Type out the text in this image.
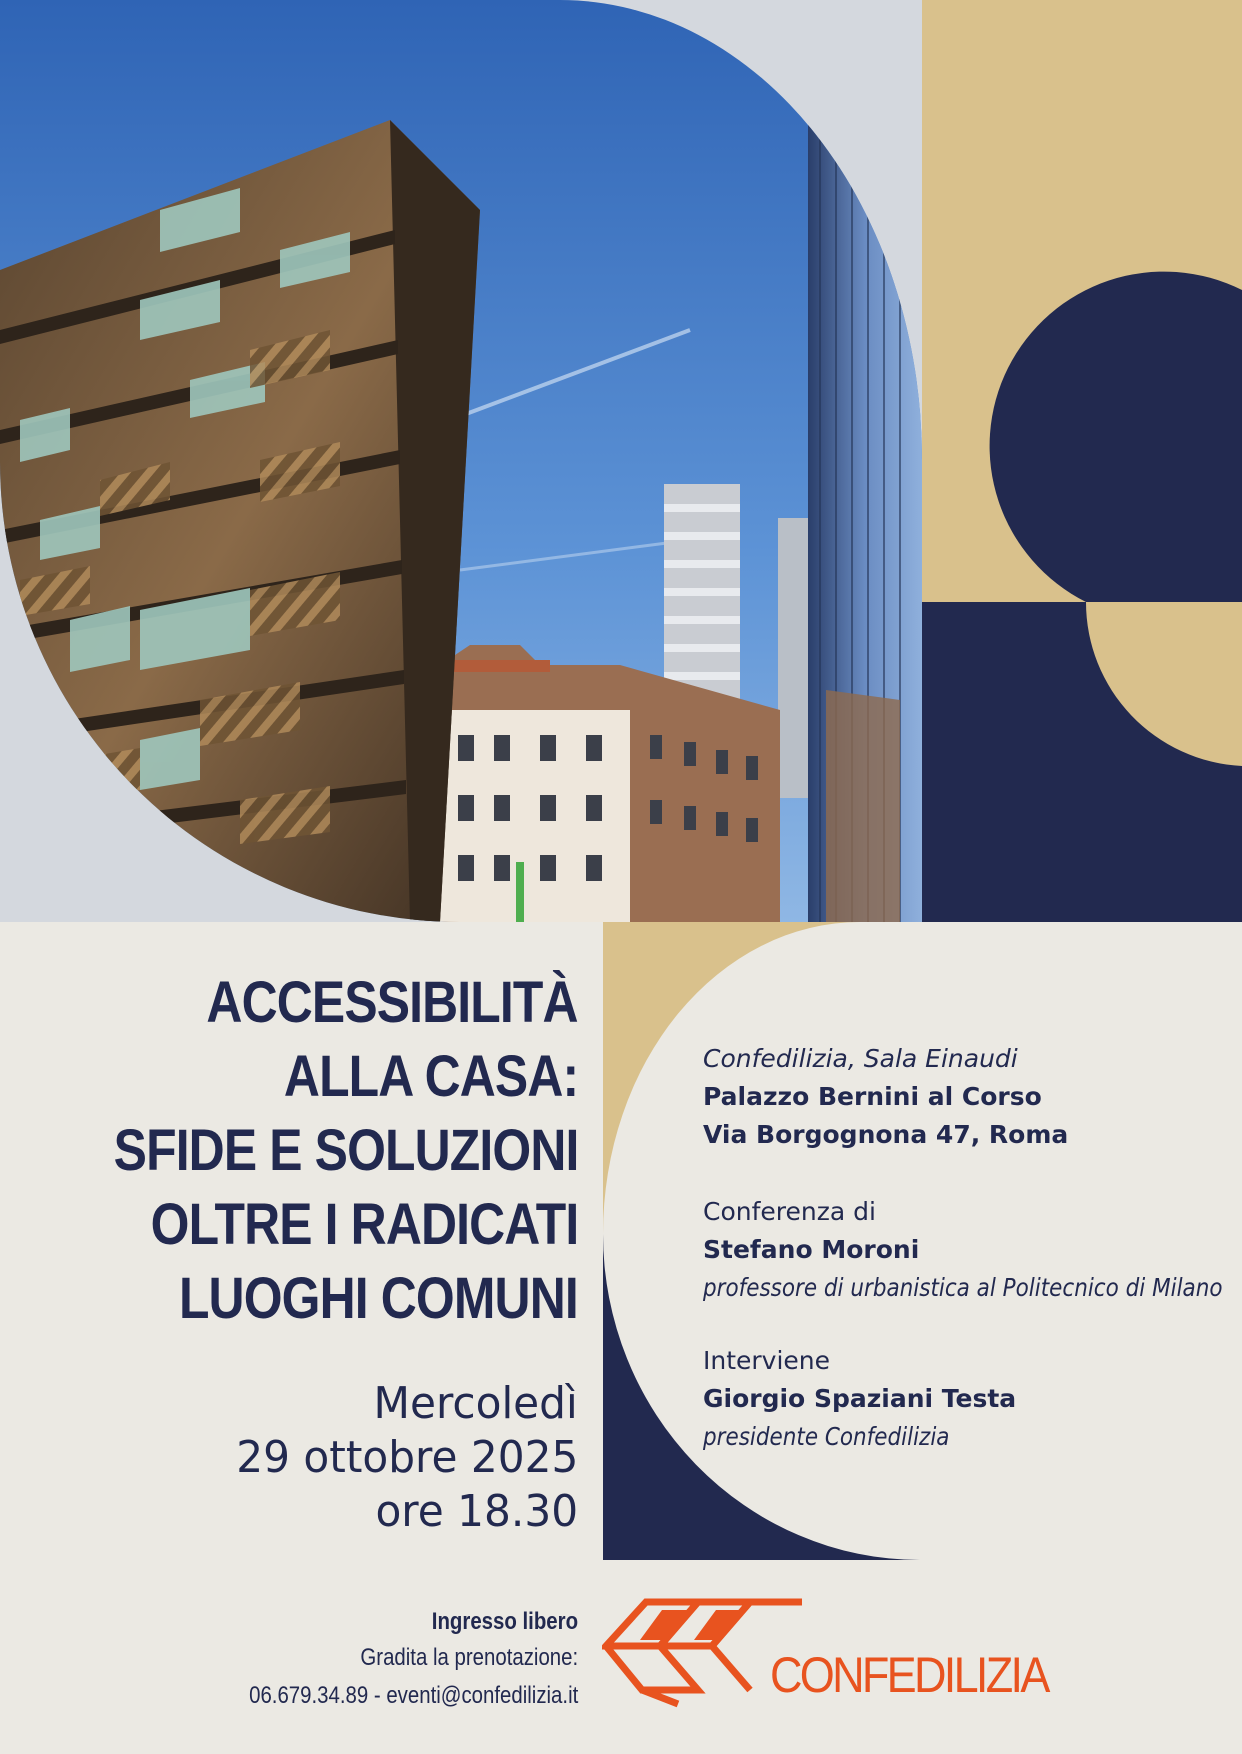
ACCESSIBILITÀ
ALLA CASA:
SFIDE E SOLUZIONI
OLTRE I RADICATI
LUOGHI COMUNI
Mercoledì
29 ottobre 2025
ore 18.30
Confedilizia, Sala Einaudi
Palazzo Bernini al Corso
Via Borgognona 47, Roma
Conferenza di
Stefano Moroni
professore di urbanistica al Politecnico di Milano
Interviene
Giorgio Spaziani Testa
presidente Confedilizia
Ingresso libero
Gradita la prenotazione:
06.679.34.89 - eventi@confedilizia.it	CONFEDILIZIA
